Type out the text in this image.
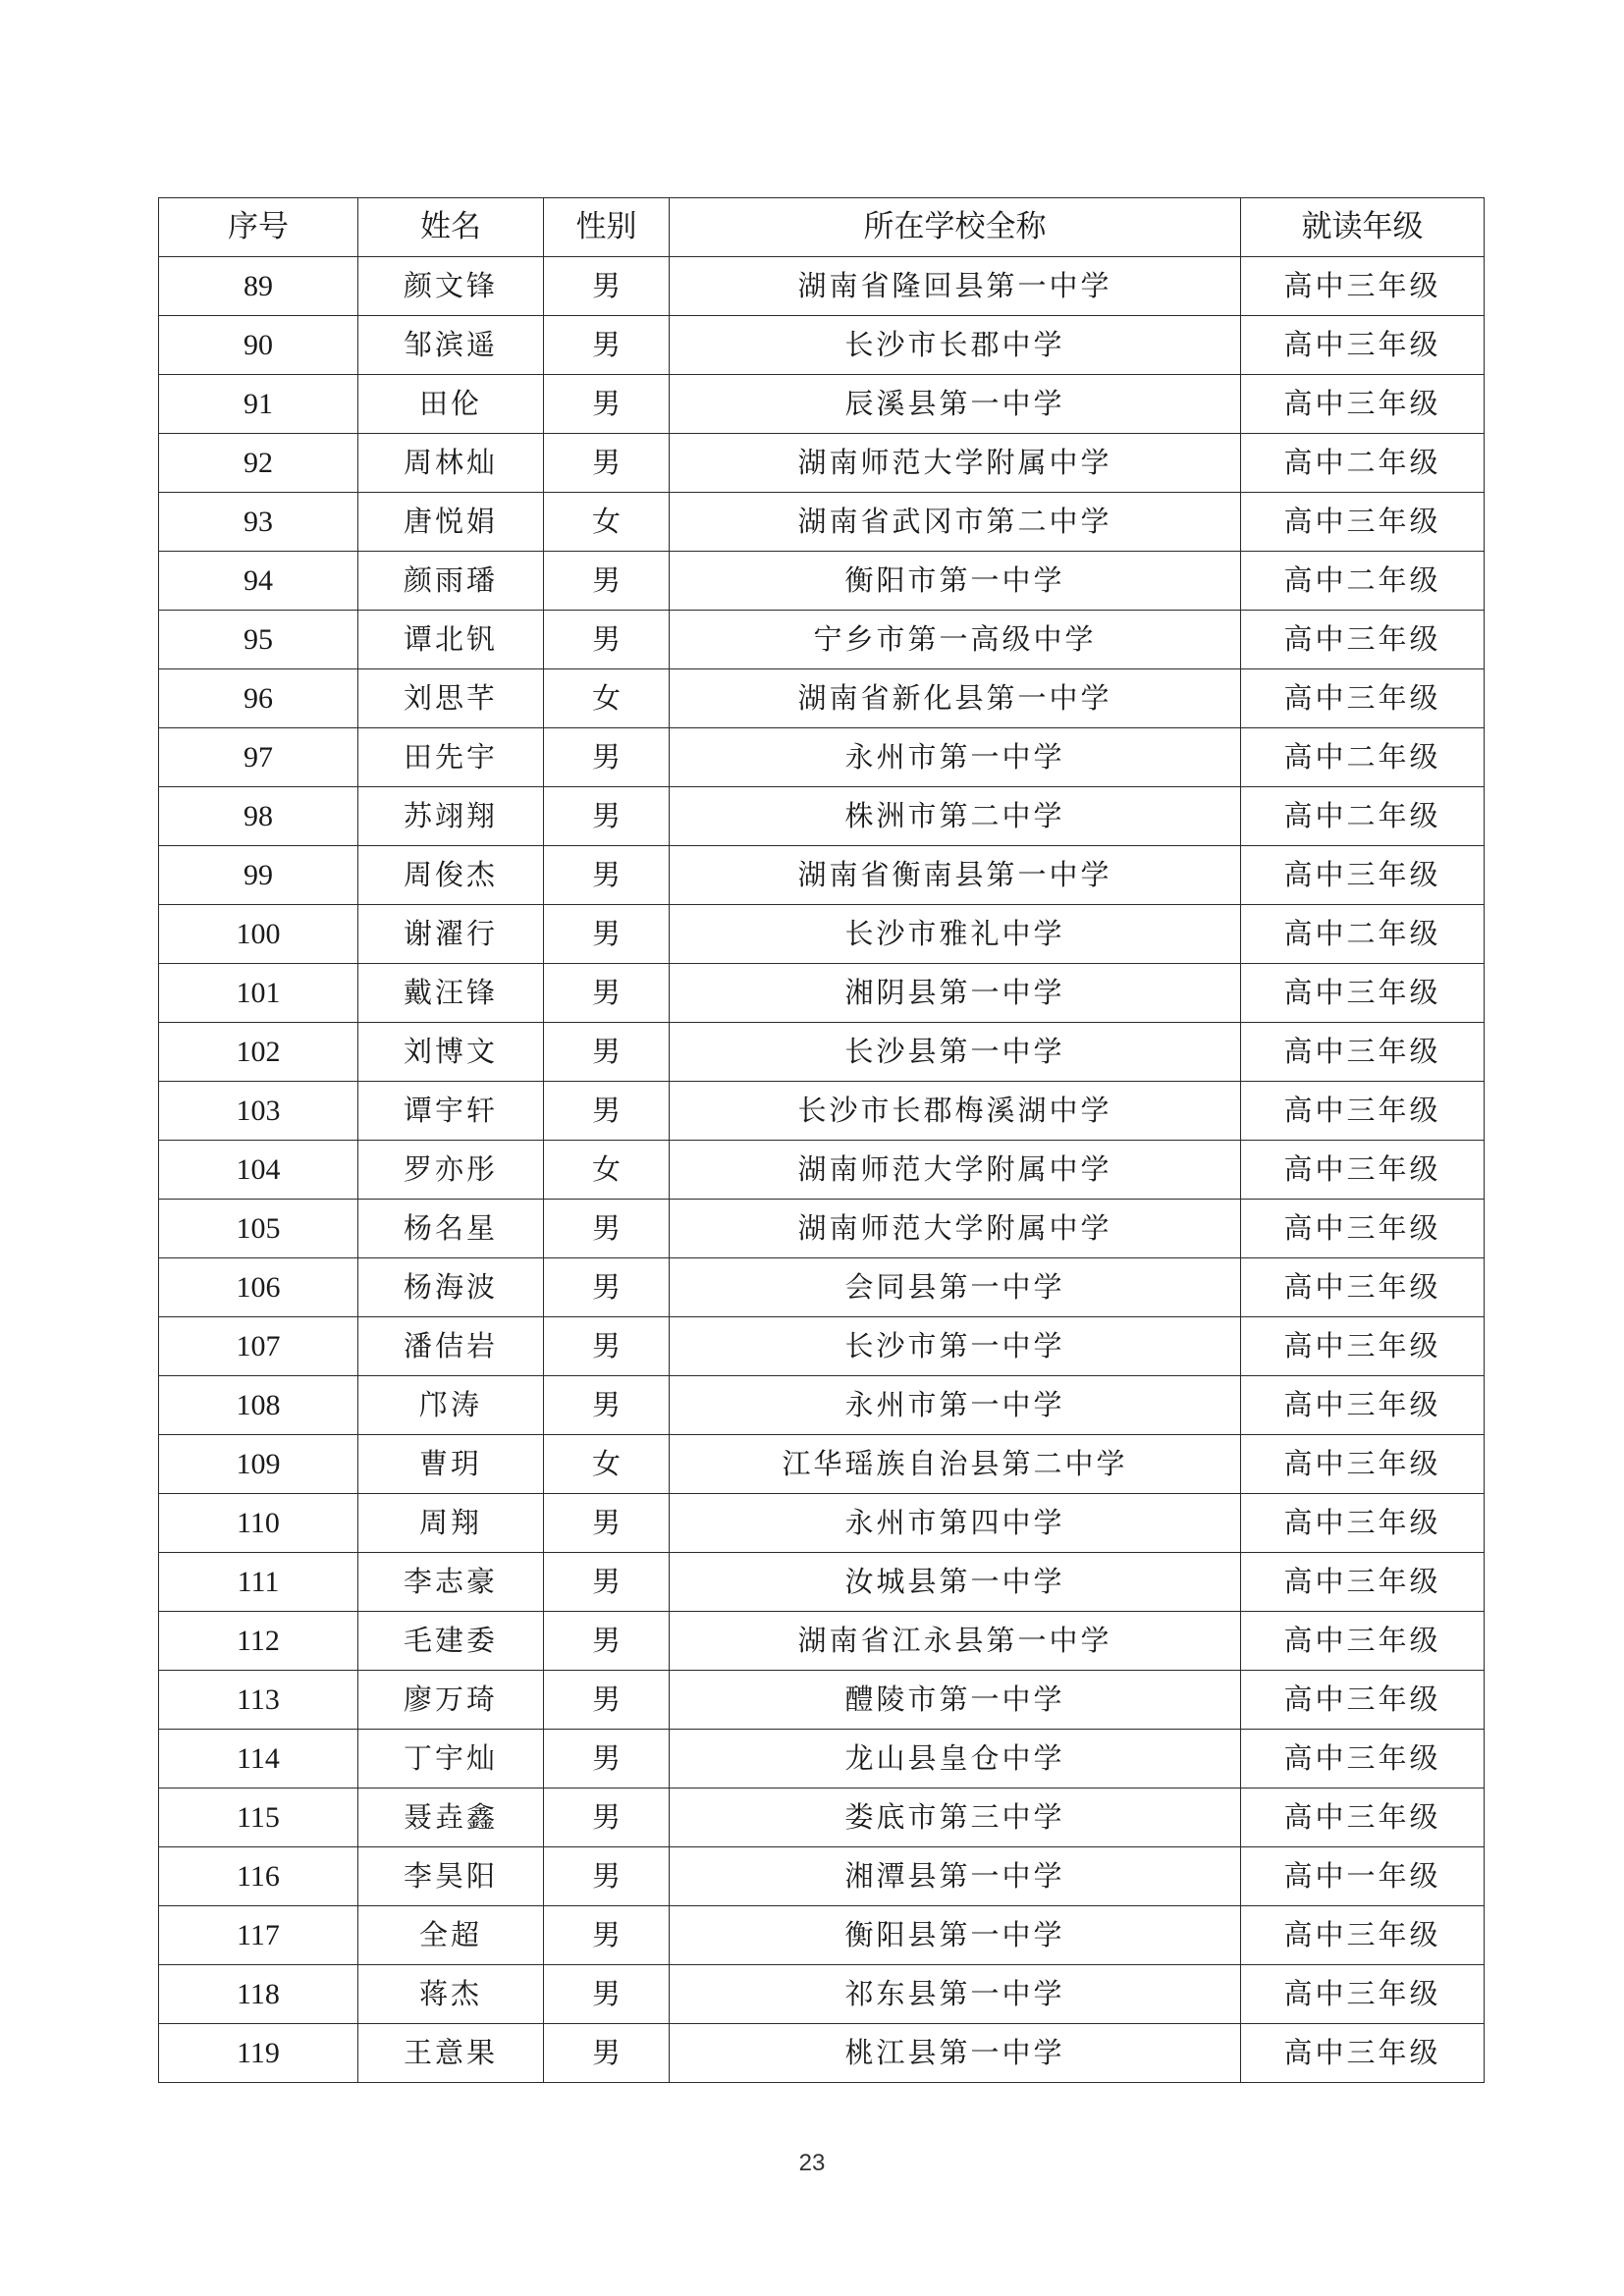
序号	姓名	性别	所在学校全称	就读年级
89	颜文锋	男	湖南省隆回县第一中学	高中三年级
90	邹滨遥	男	长沙市长郡中学	高中三年级
91	田伦	男	辰溪县第一中学	高中三年级
92	周林灿	男	湖南师范大学附属中学	高中二年级
93	唐悦娟	女	湖南省武冈市第二中学	高中三年级
94	颜雨璠	男	衡阳市第一中学	高中二年级
95	谭北钒	男	宁乡市第一高级中学	高中三年级
96	刘思芊	女	湖南省新化县第一中学	高中三年级
97	田先宇	男	永州市第一中学	高中二年级
98	苏翊翔	男	株洲市第二中学	高中二年级
99	周俊杰	男	湖南省衡南县第一中学	高中三年级
100	谢濯行	男	长沙市雅礼中学	高中二年级
101	戴汪锋	男	湘阴县第一中学	高中三年级
102	刘博文	男	长沙县第一中学	高中三年级
103	谭宇轩	男	长沙市长郡梅溪湖中学	高中三年级
104	罗亦彤	女	湖南师范大学附属中学	高中三年级
105	杨名星	男	湖南师范大学附属中学	高中三年级
106	杨海波	男	会同县第一中学	高中三年级
107	潘佶岩	男	长沙市第一中学	高中三年级
108	邝涛	男	永州市第一中学	高中三年级
109	曹玥	女	江华瑶族自治县第二中学	高中三年级
110	周翔	男	永州市第四中学	高中三年级
111	李志豪	男	汝城县第一中学	高中三年级
112	毛建委	男	湖南省江永县第一中学	高中三年级
113	廖万琦	男	醴陵市第一中学	高中三年级
114	丁宇灿	男	龙山县皇仓中学	高中三年级
115	聂垚鑫	男	娄底市第三中学	高中三年级
116	李昊阳	男	湘潭县第一中学	高中一年级
117	全超	男	衡阳县第一中学	高中三年级
118	蒋杰	男	祁东县第一中学	高中三年级
119	王意果	男	桃江县第一中学	高中三年级
23
